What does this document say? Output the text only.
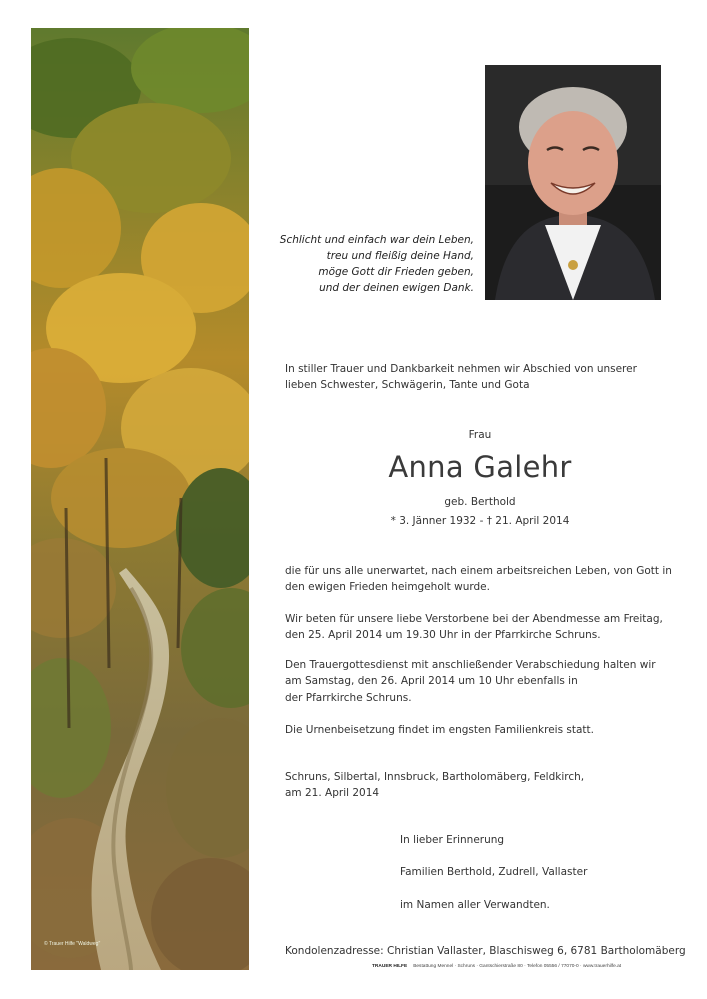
© Trauer Hilfe "Waldweg"
Schlicht und einfach war dein Leben,
treu und fleißig deine Hand,
möge Gott dir Frieden geben,
und der deinen ewigen Dank.
In stiller Trauer und Dankbarkeit nehmen wir Abschied von unserer
lieben Schwester, Schwägerin, Tante und Gota
Frau
Anna Galehr
geb. Berthold
* 3. Jänner 1932 - † 21. April 2014
die für uns alle unerwartet, nach einem arbeitsreichen Leben, von Gott in
den ewigen Frieden heimgeholt wurde.
Wir beten für unsere liebe Verstorbene bei der Abendmesse am Freitag,
den 25. April 2014 um 19.30 Uhr in der Pfarrkirche Schruns.
Den Trauergottesdienst mit anschließender Verabschiedung halten wir
am Samstag, den 26. April 2014 um 10 Uhr ebenfalls in
der Pfarrkirche Schruns.
Die Urnenbeisetzung findet im engsten Familienkreis statt.
Schruns, Silbertal, Innsbruck, Bartholomäberg, Feldkirch,
am 21. April 2014
In lieber Erinnerung
Familien Berthold, Zudrell, Vallaster
im Namen aller Verwandten.
Kondolenzadresse: Christian Vallaster, Blaschisweg 6, 6781 Bartholomäberg
TRAUER HILFE Bestattung Mennel · Schruns · Gantschierstraße 80 · Telefon 05556 / 77070-0 · www.trauerhilfe.at
